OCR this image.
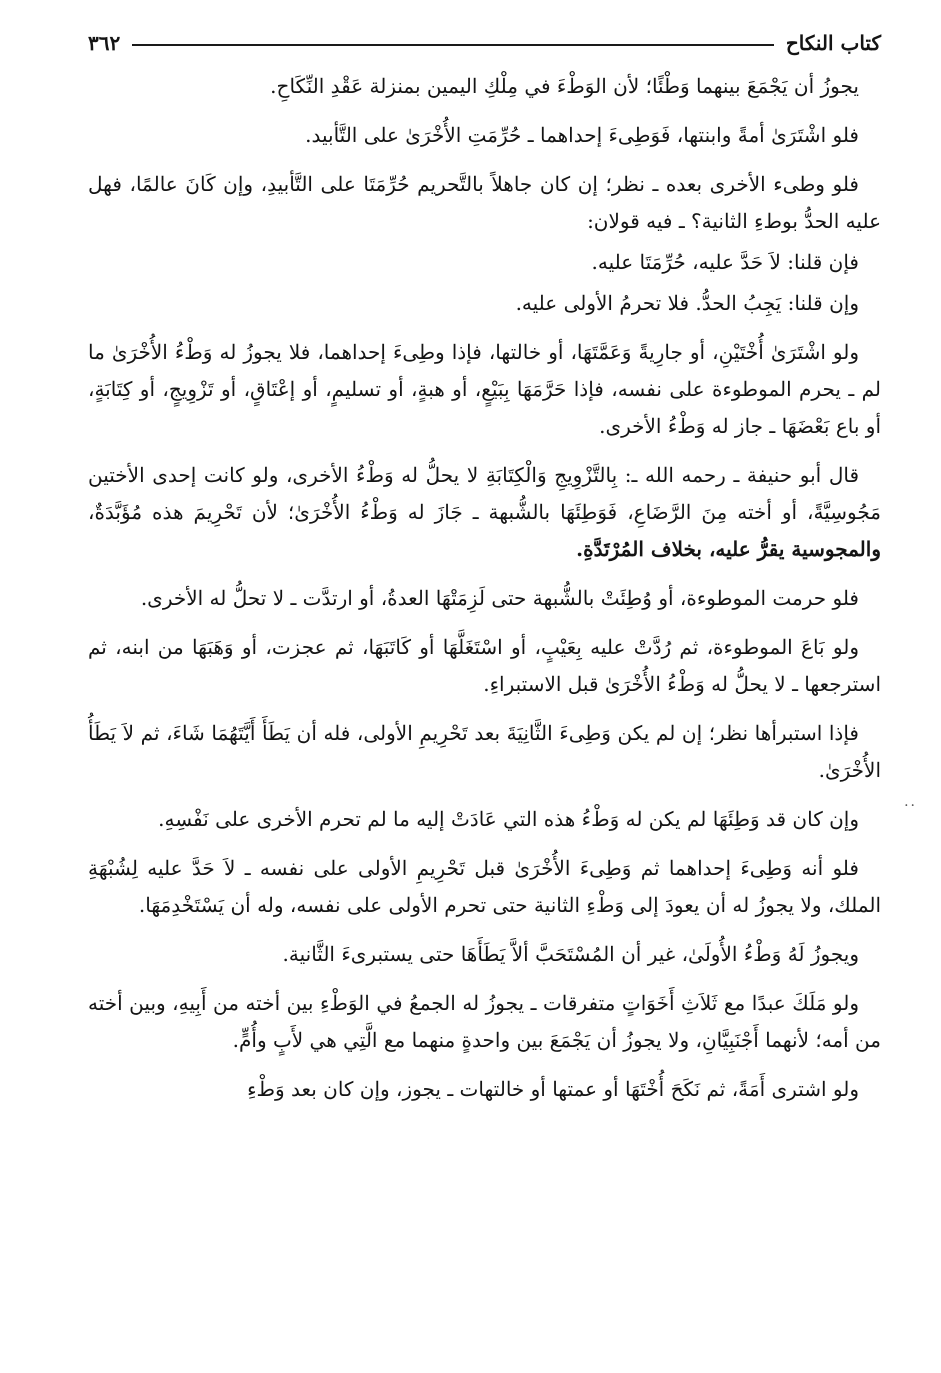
كتاب النكاح
٣٦٢

يجوزُ أن يَجْمَعَ بينهما وَطْئًا؛ لأن الوَطْءَ في مِلْكِ اليمين بمنزلة عَقْدِ النِّكَاحِ.

فلو اشْتَرَىٰ أمةً وابنتها، فَوَطِىءَ إحداهما ـ حُرِّمَتِ الأُخْرَىٰ على التَّأبيد.

فلو وطىء الأخرى بعده ـ نظر؛ إن كان جاهلاً بالتَّحريم حُرِّمَتَا على التَّأبيدِ، وإن كَانَ عالمًا، فهل عليه الحدُّ بوطءِ الثانية؟ ـ فيه قولان:

فإن قلنا: لاَ حَدَّ عليه، حُرِّمَتَا عليه.

وإن قلنا: يَجِبُ الحدُّ. فلا تحرمُ الأولى عليه.

ولو اشْتَرَىٰ أُخْتَيْنِ، أو جارِيةً وَعَمَّتَهَا، أو خالتها، فإذا وطِىءَ إحداهما، فلا يجوزُ له وَطْءُ الأُخْرَىٰ ما لم ـ يحرم الموطوءة على نفسه، فإذا حَرَّمَهَا بِبَيْعٍ، أو هبةٍ، أو تسليمٍ، أو إعْتَاقٍ، أو تَزْوِيجٍ، أو كِتَابَةٍ، أو باع بَعْضَهَا ـ جاز له وَطْءُ الأخرى.

قال أبو حنيفة ـ رحمه الله ـ: بِالتَّزْوِيجِ وَالْكِتَابَةِ لا يحلُّ له وَطْءُ الأخرى، ولو كانت إحدى الأختين مَجُوسِيَّةً، أو أخته مِنَ الرَّضَاعِ، فَوَطِئَهَا بالشُّبهة ـ جَازَ له وَطْءُ الأُخْرَىٰ؛ لأن تَحْرِيمَ هذه مُؤَبَّدَةٌ، والمجوسية يقرُّ عليه، بخلاف المُرْتَدَّةِ.

فلو حرمت الموطوءة، أو وُطِئَتْ بالشُّبهة حتى لَزِمَتْهَا العدةُ، أو ارتدَّت ـ لا تحلُّ له الأخرى.

ولو بَاعَ الموطوءة، ثم رُدَّتْ عليه بِعَيْبٍ، أو اسْتَغَلَّهَا أو كَاتَبَهَا، ثم عجزت، أو وَهَبَهَا من ابنه، ثم استرجعها ـ لا يحلُّ له وَطْءُ الأُخْرَىٰ قبل الاستبراءِ.

فإذا استبرأها نظر؛ إن لم يكن وَطِىءَ الثَّانِيَةَ بعد تَحْرِيمِ الأولى، فله أن يَطَأَ أَيَّتَهُمَا شَاءَ، ثم لاَ يَطَأُ الأُخْرَىٰ.

وإن كان قد وَطِئَهَا لم يكن له وَطْءُ هذه التي عَادَتْ إليه ما لم تحرم الأخرى على نَفْسِهِ.

فلو أنه وَطِىءَ إحداهما ثم وَطِىءَ الأُخْرَىٰ قبل تَحْرِيمِ الأولى على نفسه ـ لاَ حَدَّ عليه لِشُبْهَةِ الملك، ولا يجوزُ له أن يعودَ إلى وَطْءِ الثانية حتى تحرم الأولى على نفسه، وله أن يَسْتَخْدِمَهَا.

ويجوزُ لَهُ وَطْءُ الأُولَىٰ، غير أن المُسْتَحَبَّ ألاَّ يَطَأَهَا حتى يستبرىءَ الثَّانية.

ولو مَلَكَ عبدًا مع ثَلاَثِ أَخَوَاتٍ متفرقات ـ يجوزُ له الجمعُ في الوَطْءِ بين أخته من أَبِيهِ، وبين أخته من أمه؛ لأنهما أَجْنَبِيَّانِ، ولا يجوزُ أن يَجْمَعَ بين واحدةٍ منهما مع الَّتِي هي لأَبٍ وأُمٍّ.

ولو اشترى أَمَةً، ثم نَكَحَ أُخْتَهَا أو عمتها أو خالتهات ـ يجوز، وإن كان بعد وَطْءِ

··
